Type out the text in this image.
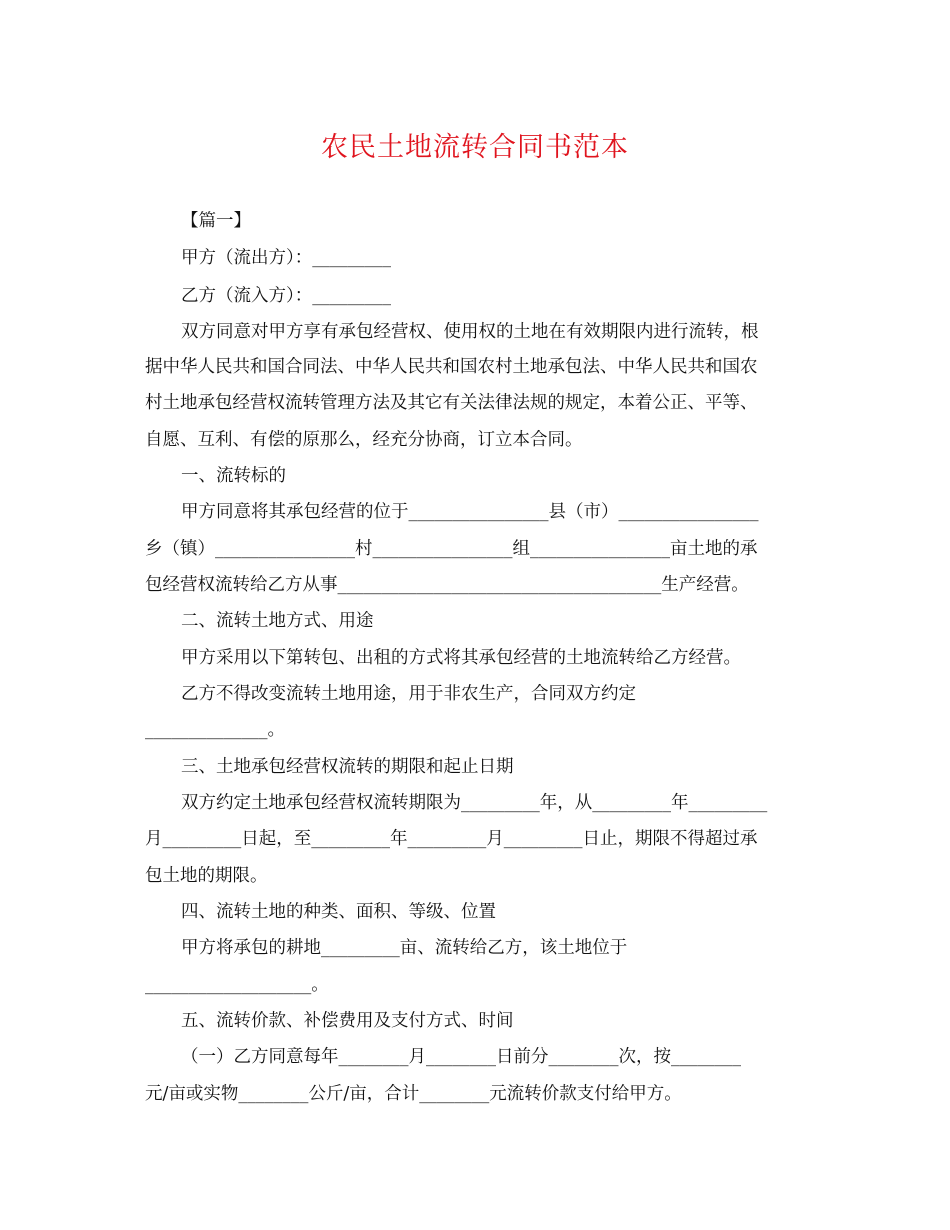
农民土地流转合同书范本
【篇一】
甲方（流出方）：_________
乙方（流入方）：_________
双方同意对甲方享有承包经营权、使用权的土地在有效期限内进行流转，根
据中华人民共和国合同法、中华人民共和国农村土地承包法、中华人民共和国农
村土地承包经营权流转管理方法及其它有关法律法规的规定，本着公正、平等、
自愿、互利、有偿的原那么，经充分协商，订立本合同。
一、流转标的
甲方同意将其承包经营的位于________________县（市）________________
乡（镇）________________村________________组________________亩土地的承
包经营权流转给乙方从事_____________________________________生产经营。
二、流转土地方式、用途
甲方采用以下第转包、出租的方式将其承包经营的土地流转给乙方经营。
乙方不得改变流转土地用途，用于非农生产，合同双方约定
______________。
三、土地承包经营权流转的期限和起止日期
双方约定土地承包经营权流转期限为_________年，从_________年_________
月_________日起，至_________年_________月_________日止，期限不得超过承
包土地的期限。
四、流转土地的种类、面积、等级、位置
甲方将承包的耕地_________亩、流转给乙方，该土地位于
___________________。
五、流转价款、补偿费用及支付方式、时间
（一）乙方同意每年________月________日前分________次，按________
元/亩或实物________公斤/亩，合计________元流转价款支付给甲方。
